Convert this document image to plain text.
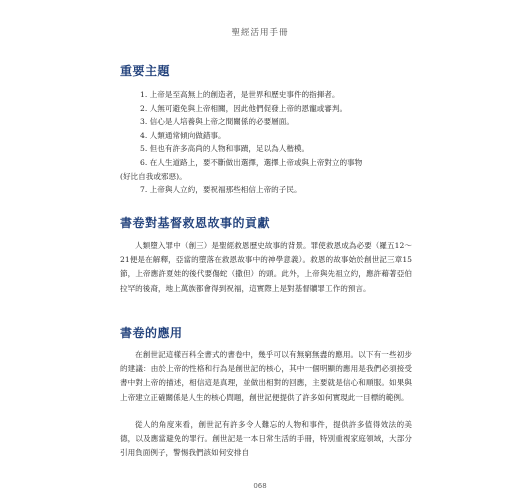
聖經活用手冊
重要主題
1. 上帝是至高無上的創造者，是世界和歷史事件的指揮者。
2. 人無可避免與上帝相關，因此他們促發上帝的恩寵或審判。
3. 信心是人培養與上帝之間關係的必要層面。
4. 人類通常傾向做錯事。
5. 但也有許多高尚的人物和事蹟，足以為人楷模。
6. 在人生道路上，要不斷做出選擇，選擇上帝或與上帝對立的事物
(好比自我或邪惡)。
7. 上帝與人立約，要祝福那些相信上帝的子民。
書卷對基督救恩故事的貢獻

人類墮入罪中（創三）是聖經救恩歷史故事的背景。罪使救恩成為必要（羅五12～21便是在解釋，亞當的墮落在救恩故事中的神學意義）。救恩的故事始於創世記三章15節，上帝應許夏娃的後代要傷蛇（撒但）的頭。此外，上帝與先祖立約，應許藉著亞伯拉罕的後裔，地上萬族都會得到祝福，這實際上是對基督贖罪工作的預言。

書卷的應用

在創世記這樣百科全書式的書卷中，幾乎可以有無窮無盡的應用。以下有一些初步的建議：由於上帝的性格和行為是創世記的核心，其中一個明顯的應用是我們必須接受書中對上帝的描述，相信這是真理，並做出相對的回應，主要就是信心和順服。如果與上帝建立正確關係是人生的核心問題，創世記便提供了許多如何實現此一目標的範例。

從人的角度來看，創世記有許多令人難忘的人物和事件，提供許多值得效法的美德，以及應當避免的罪行。創世記是一本日常生活的手冊，特別重視家庭領域，大部分引用負面例子，警惕我們該如何安排自

068
